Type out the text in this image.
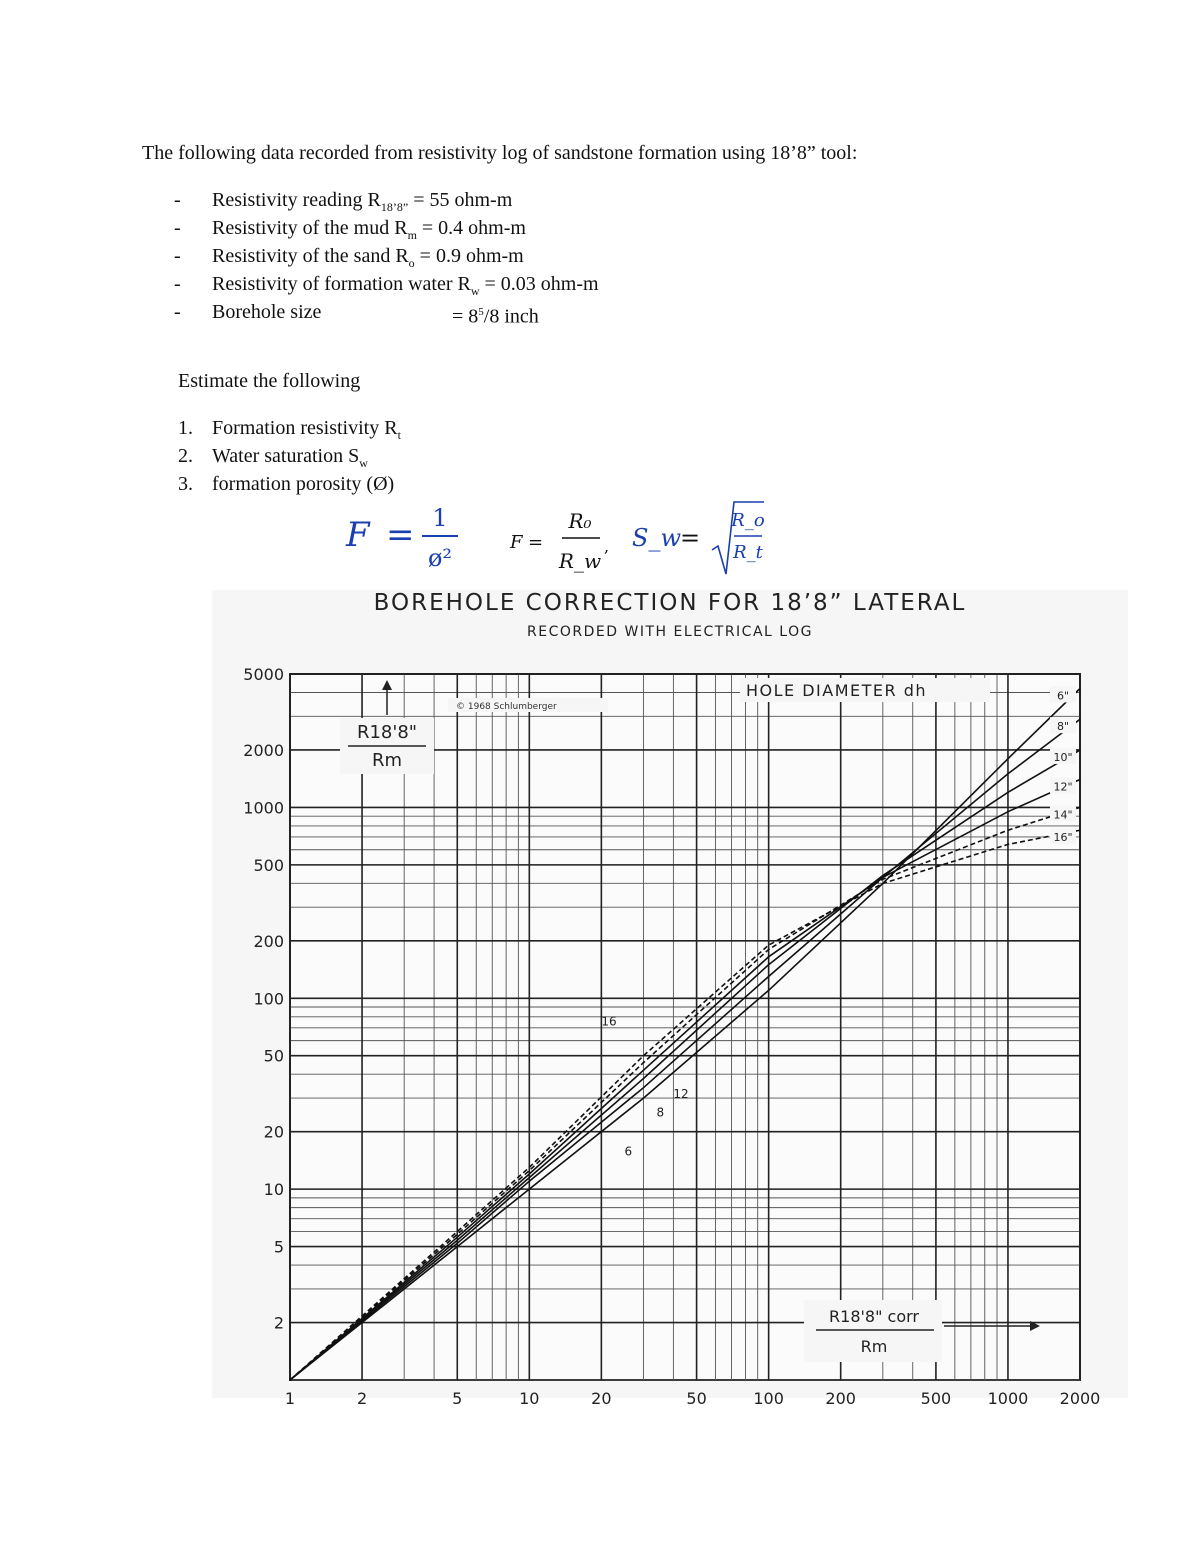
The following data recorded from resistivity log of sandstone formation using 18’8” tool:
- Resistivity reading $R_{18’8”} = 55$ ohm-m
- Resistivity of the mud $R_m = 0.4$ ohm-m
- Resistivity of the sand $R_o = 0.9$ ohm-m
- Resistivity of formation water $R_w = 0.03$ ohm-m
- Borehole size	= $8^5/8$ inch
Estimate the following
1. Formation resistivity $R_t$
2. Water saturation $S_w$
3. formation porosity (Ø)
F = 1
ø²
F =
R₀
R_w
, S_w =
R_o
R_t
BOREHOLE CORRECTION FOR 18’8” LATERAL
RECORDED WITH ELECTRICAL LOG
1	2	5	10	20	50	100	200	500 1000 2000
2
5
10
20
50
100
200
500
1000
2000
5000
6"
8"
10"
12"
14"
16"
16
12
8
6
HOLE DIAMETER dh
© 1968 Schlumberger
R18'8"
Rm
R18'8" corr
Rm
